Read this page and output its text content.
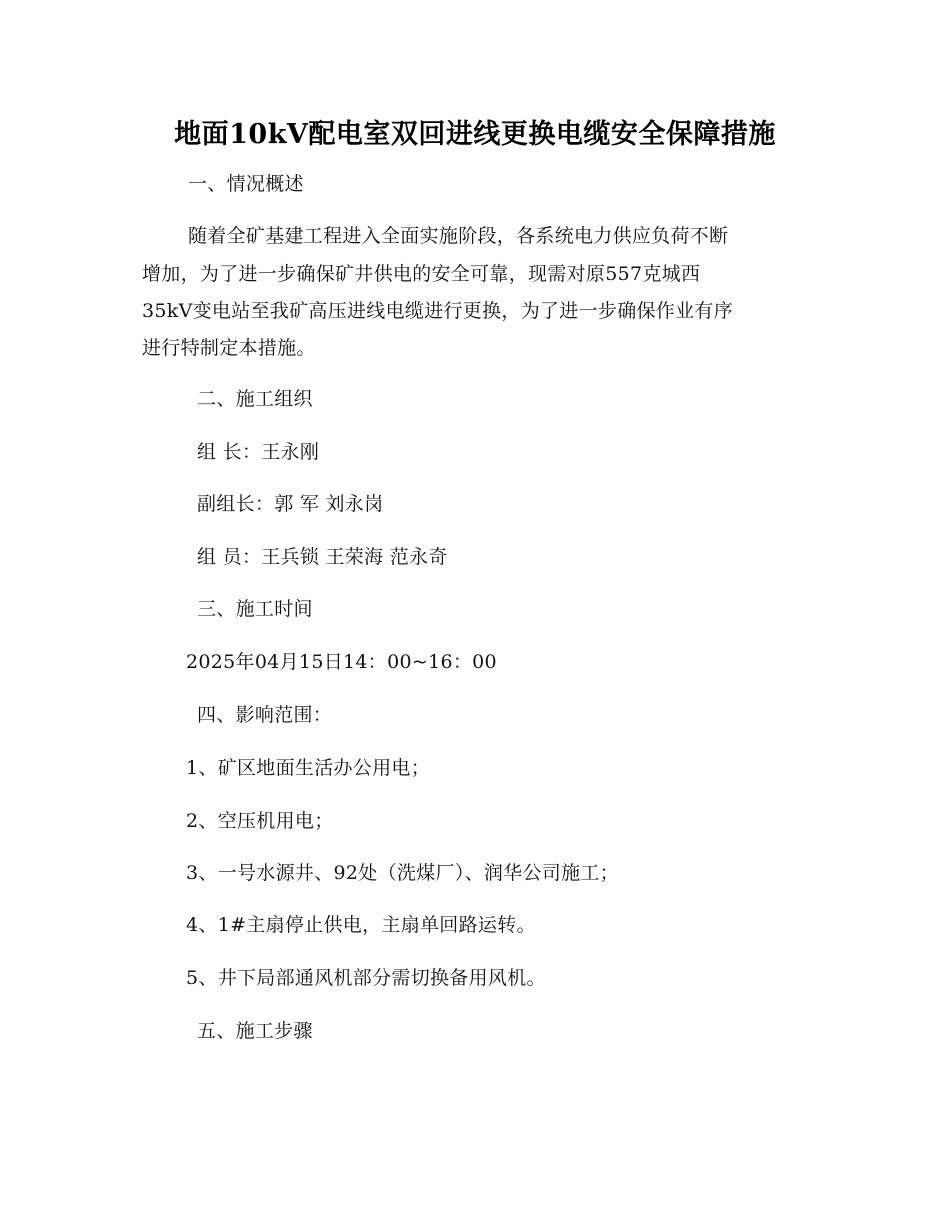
地面10kV配电室双回进线更换电缆安全保障措施
一、情况概述
随着全矿基建工程进入全面实施阶段，各系统电力供应负荷不断
增加，为了进一步确保矿井供电的安全可靠，现需对原557克城西
35kV变电站至我矿高压进线电缆进行更换，为了进一步确保作业有序
进行特制定本措施。
二、施工组织
组 长：王永刚
副组长：郭 军 刘永岗
组 员：王兵锁 王荣海 范永奇
三、施工时间
2025年04月15日14：00~16：00
四、影响范围：
1、矿区地面生活办公用电；
2、空压机用电；
3、一号水源井、92处（洗煤厂）、润华公司施工；
4、1#主扇停止供电，主扇单回路运转。
5、井下局部通风机部分需切换备用风机。
五、施工步骤
